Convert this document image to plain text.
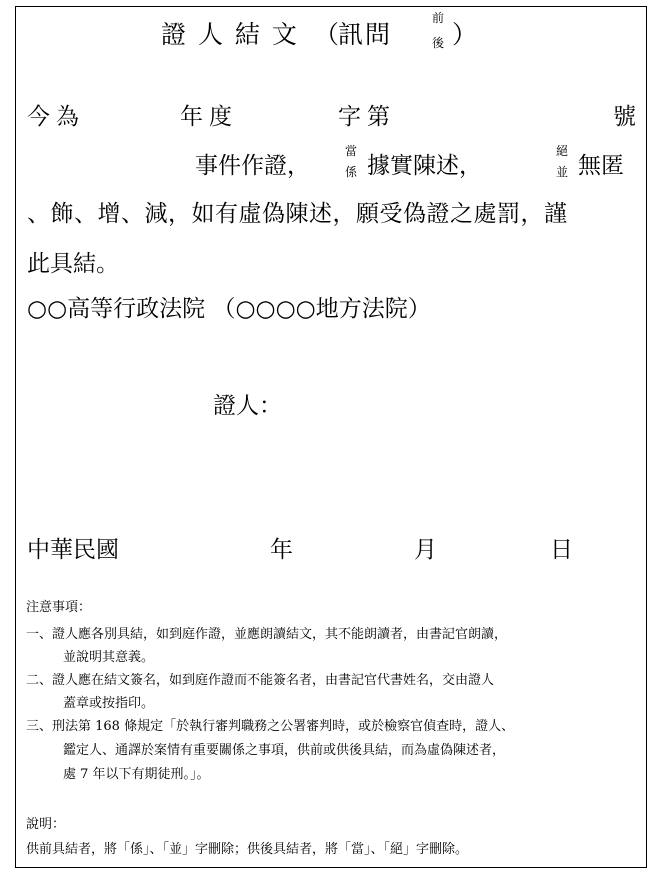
證 人 結 文 （
訊問
前
後 ）
今為	年度	字第	號
事件作證，
當
係 據實陳述，
絕
並 無匿
、飾、增、減，如有虛偽陳述，願受偽證之處罰，謹
此具結。
○○高等行政法院 （○○○○地方法院）
證人：
中華民國	年	月	日
注意事項：
一、證人應各別具結，如到庭作證，並應朗讀結文，其不能朗讀者，由書記官朗讀，
並說明其意義。
二、證人應在結文簽名，如到庭作證而不能簽名者，由書記官代書姓名，交由證人
蓋章或按指印。
三、刑法第 168 條規定「於執行審判職務之公署審判時，或於檢察官偵查時，證人、
鑑定人、通譯於案情有重要關係之事項，供前或供後具結，而為虛偽陳述者，
處 7 年以下有期徒刑。」。
說明：
供前具結者，將「係」、「並」字刪除；供後具結者，將「當」、「絕」字刪除。
